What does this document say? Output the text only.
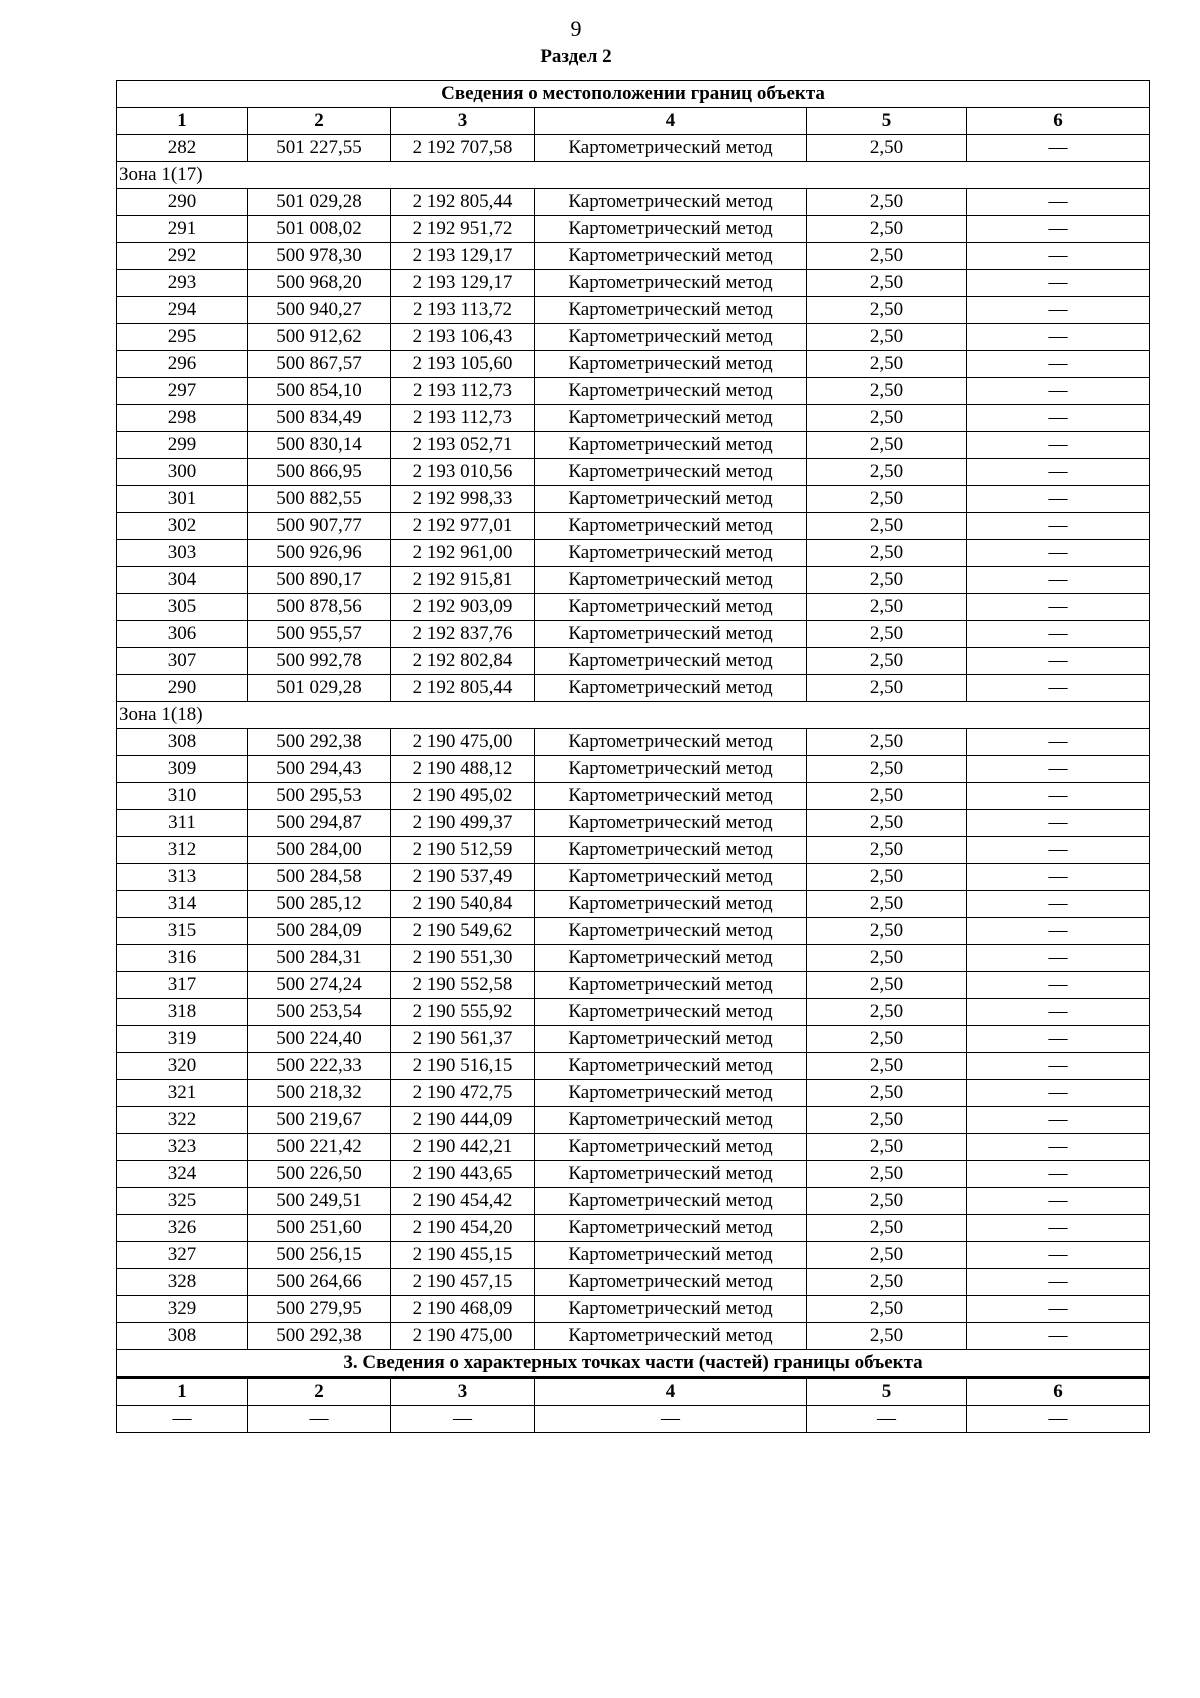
9
Раздел 2
Сведения о местоположении границ объекта					
1	2	3	4	5	6
282	501 227,55	2 192 707,58	Картометрический метод	2,50	—
Зона 1(17)					
290	501 029,28	2 192 805,44	Картометрический метод	2,50	—
291	501 008,02	2 192 951,72	Картометрический метод	2,50	—
292	500 978,30	2 193 129,17	Картометрический метод	2,50	—
293	500 968,20	2 193 129,17	Картометрический метод	2,50	—
294	500 940,27	2 193 113,72	Картометрический метод	2,50	—
295	500 912,62	2 193 106,43	Картометрический метод	2,50	—
296	500 867,57	2 193 105,60	Картометрический метод	2,50	—
297	500 854,10	2 193 112,73	Картометрический метод	2,50	—
298	500 834,49	2 193 112,73	Картометрический метод	2,50	—
299	500 830,14	2 193 052,71	Картометрический метод	2,50	—
300	500 866,95	2 193 010,56	Картометрический метод	2,50	—
301	500 882,55	2 192 998,33	Картометрический метод	2,50	—
302	500 907,77	2 192 977,01	Картометрический метод	2,50	—
303	500 926,96	2 192 961,00	Картометрический метод	2,50	—
304	500 890,17	2 192 915,81	Картометрический метод	2,50	—
305	500 878,56	2 192 903,09	Картометрический метод	2,50	—
306	500 955,57	2 192 837,76	Картометрический метод	2,50	—
307	500 992,78	2 192 802,84	Картометрический метод	2,50	—
290	501 029,28	2 192 805,44	Картометрический метод	2,50	—
Зона 1(18)					
308	500 292,38	2 190 475,00	Картометрический метод	2,50	—
309	500 294,43	2 190 488,12	Картометрический метод	2,50	—
310	500 295,53	2 190 495,02	Картометрический метод	2,50	—
311	500 294,87	2 190 499,37	Картометрический метод	2,50	—
312	500 284,00	2 190 512,59	Картометрический метод	2,50	—
313	500 284,58	2 190 537,49	Картометрический метод	2,50	—
314	500 285,12	2 190 540,84	Картометрический метод	2,50	—
315	500 284,09	2 190 549,62	Картометрический метод	2,50	—
316	500 284,31	2 190 551,30	Картометрический метод	2,50	—
317	500 274,24	2 190 552,58	Картометрический метод	2,50	—
318	500 253,54	2 190 555,92	Картометрический метод	2,50	—
319	500 224,40	2 190 561,37	Картометрический метод	2,50	—
320	500 222,33	2 190 516,15	Картометрический метод	2,50	—
321	500 218,32	2 190 472,75	Картометрический метод	2,50	—
322	500 219,67	2 190 444,09	Картометрический метод	2,50	—
323	500 221,42	2 190 442,21	Картометрический метод	2,50	—
324	500 226,50	2 190 443,65	Картометрический метод	2,50	—
325	500 249,51	2 190 454,42	Картометрический метод	2,50	—
326	500 251,60	2 190 454,20	Картометрический метод	2,50	—
327	500 256,15	2 190 455,15	Картометрический метод	2,50	—
328	500 264,66	2 190 457,15	Картометрический метод	2,50	—
329	500 279,95	2 190 468,09	Картометрический метод	2,50	—
308	500 292,38	2 190 475,00	Картометрический метод	2,50	—
3. Сведения о характерных точках части (частей) границы объекта					
1	2	3	4	5	6
—	—	—	—	—	—
